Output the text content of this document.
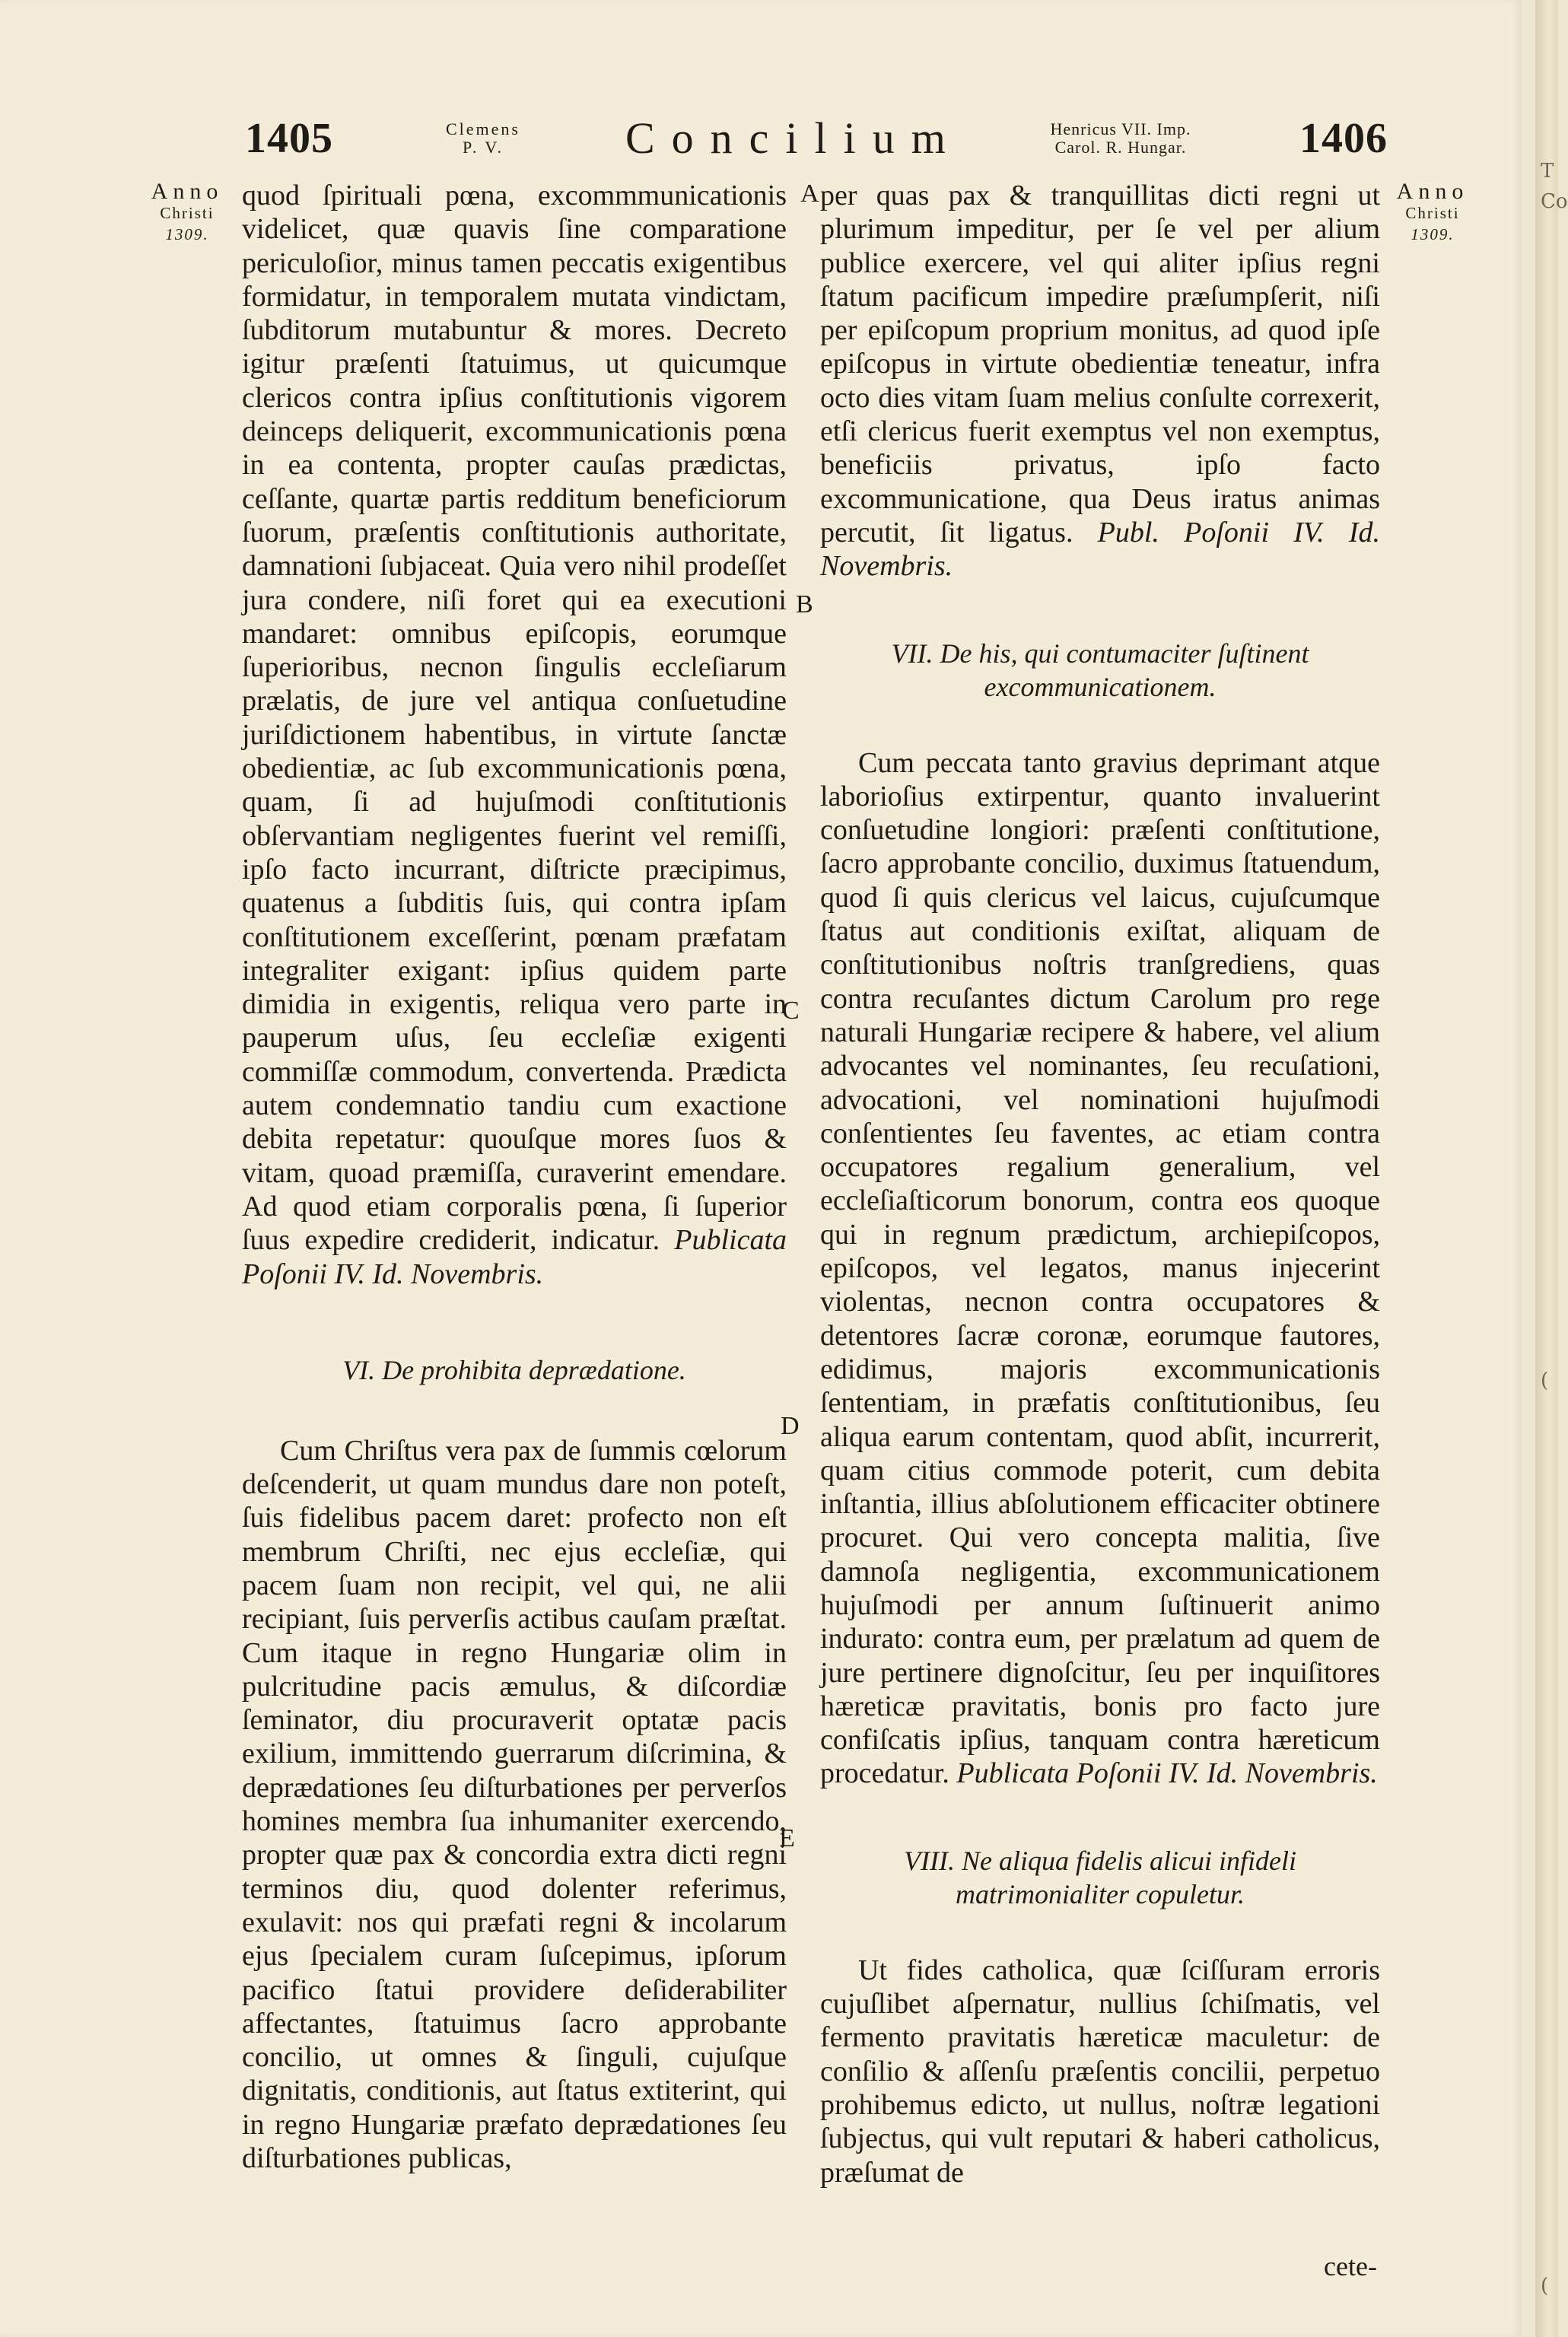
T
Co
(
(
1405	Clemens
P. V.	Concilium	Henricus VII. Imp.
Carol. R. Hungar.	1406
Anno
Christi
1309.
Anno
Christi
1309.
A
B
C
D
E

quod ſpirituali pœna, excommmunicationis videlicet, quæ quavis ſine comparatione periculoſior, minus tamen peccatis exigentibus formidatur, in temporalem mutata vindictam, ſubditorum mutabuntur & mores. Decreto igitur præſenti ſtatuimus, ut quicumque clericos contra ipſius conſtitutionis vigorem deinceps deliquerit, excommunicationis pœna in ea contenta, propter cauſas prædictas, ceſſante, quartæ partis redditum beneficiorum ſuorum, præſentis conſtitutionis authoritate, damnationi ſubjaceat. Quia vero nihil prodeſſet jura condere, niſi foret qui ea executioni mandaret: omnibus epiſcopis, eorumque ſuperioribus, necnon ſingulis eccleſiarum prælatis, de jure vel antiqua conſuetudine juriſdictionem habentibus, in virtute ſanctæ obedientiæ, ac ſub excommunicationis pœna, quam, ſi ad hujuſmodi conſtitutionis obſervantiam negligentes fuerint vel remiſſi, ipſo facto incurrant, diſtricte præcipimus, quatenus a ſubditis ſuis, qui contra ipſam conſtitutionem exceſſerint, pœnam præfatam integraliter exigant: ipſius quidem parte dimidia in exigentis, reliqua vero parte in pauperum uſus, ſeu eccleſiæ exigenti commiſſæ commodum, convertenda. Prædicta autem condemnatio tandiu cum exactione debita repetatur: quouſque mores ſuos & vitam, quoad præmiſſa, curaverint emendare. Ad quod etiam corporalis pœna, ſi ſuperior ſuus expedire crediderit, indicatur. Publicata Poſonii IV. Id. Novembris.

VI. De prohibita deprædatione.

Cum Chriſtus vera pax de ſummis cœlorum deſcenderit, ut quam mundus dare non poteſt, ſuis fidelibus pacem daret: profecto non eſt membrum Chriſti, nec ejus eccleſiæ, qui pacem ſuam non recipit, vel qui, ne alii recipiant, ſuis perverſis actibus cauſam præſtat. Cum itaque in regno Hungariæ olim in pulcritudine pacis æmulus, & diſcordiæ ſeminator, diu procuraverit optatæ pacis exilium, immittendo guerrarum diſcrimina, & deprædationes ſeu diſturbationes per perverſos homines membra ſua inhumaniter exercendo, propter quæ pax & concordia extra dicti regni terminos diu, quod dolenter referimus, exulavit: nos qui præfati regni & incolarum ejus ſpecialem curam ſuſcepimus, ipſorum pacifico ſtatui providere deſiderabiliter affectantes, ſtatuimus ſacro approbante concilio, ut omnes & ſinguli, cujuſque dignitatis, conditionis, aut ſtatus extiterint, qui in regno Hungariæ præfato deprædationes ſeu diſturbationes publicas,

per quas pax & tranquillitas dicti regni ut plurimum impeditur, per ſe vel per alium publice exercere, vel qui aliter ipſius regni ſtatum pacificum impedire præſumpſerit, niſi per epiſcopum proprium monitus, ad quod ipſe epiſcopus in virtute obedientiæ teneatur, infra octo dies vitam ſuam melius conſulte correxerit, etſi clericus fuerit exemptus vel non exemptus, beneficiis privatus, ipſo facto excommunicatione, qua Deus iratus animas percutit, ſit ligatus. Publ. Poſonii IV. Id. Novembris.

VII. De his, qui contumaciter ſuſtinent excommunicationem.

Cum peccata tanto gravius deprimant atque laborioſius extirpentur, quanto invaluerint conſuetudine longiori: præſenti conſtitutione, ſacro approbante concilio, duximus ſtatuendum, quod ſi quis clericus vel laicus, cujuſcumque ſtatus aut conditionis exiſtat, aliquam de conſtitutionibus noſtris tranſgrediens, quas contra recuſantes dictum Carolum pro rege naturali Hungariæ recipere & habere, vel alium advocantes vel nominantes, ſeu recuſationi, advocationi, vel nominationi hujuſmodi conſentientes ſeu faventes, ac etiam contra occupatores regalium generalium, vel eccleſiaſticorum bonorum, contra eos quoque qui in regnum prædictum, archiepiſcopos, epiſcopos, vel legatos, manus injecerint violentas, necnon contra occupatores & detentores ſacræ coronæ, eorumque fautores, edidimus, majoris excommunicationis ſententiam, in præfatis conſtitutionibus, ſeu aliqua earum contentam, quod abſit, incurrerit, quam citius commode poterit, cum debita inſtantia, illius abſolutionem efficaciter obtinere procuret. Qui vero concepta malitia, ſive damnoſa negligentia, excommunicationem hujuſmodi per annum ſuſtinuerit animo indurato: contra eum, per prælatum ad quem de jure pertinere dignoſcitur, ſeu per inquiſitores hæreticæ pravitatis, bonis pro facto jure confiſcatis ipſius, tanquam contra hæreticum procedatur. Publicata Poſonii IV. Id. Novembris.

VIII. Ne aliqua fidelis alicui infideli matrimonialiter copuletur.

Ut fides catholica, quæ ſciſſuram erroris cujuſlibet aſpernatur, nullius ſchiſmatis, vel fermento pravitatis hæreticæ maculetur: de conſilio & aſſenſu præſentis concilii, perpetuo prohibemus edicto, ut nullus, noſtræ legationi ſubjectus, qui vult reputari & haberi catholicus, præſumat de

cete-
